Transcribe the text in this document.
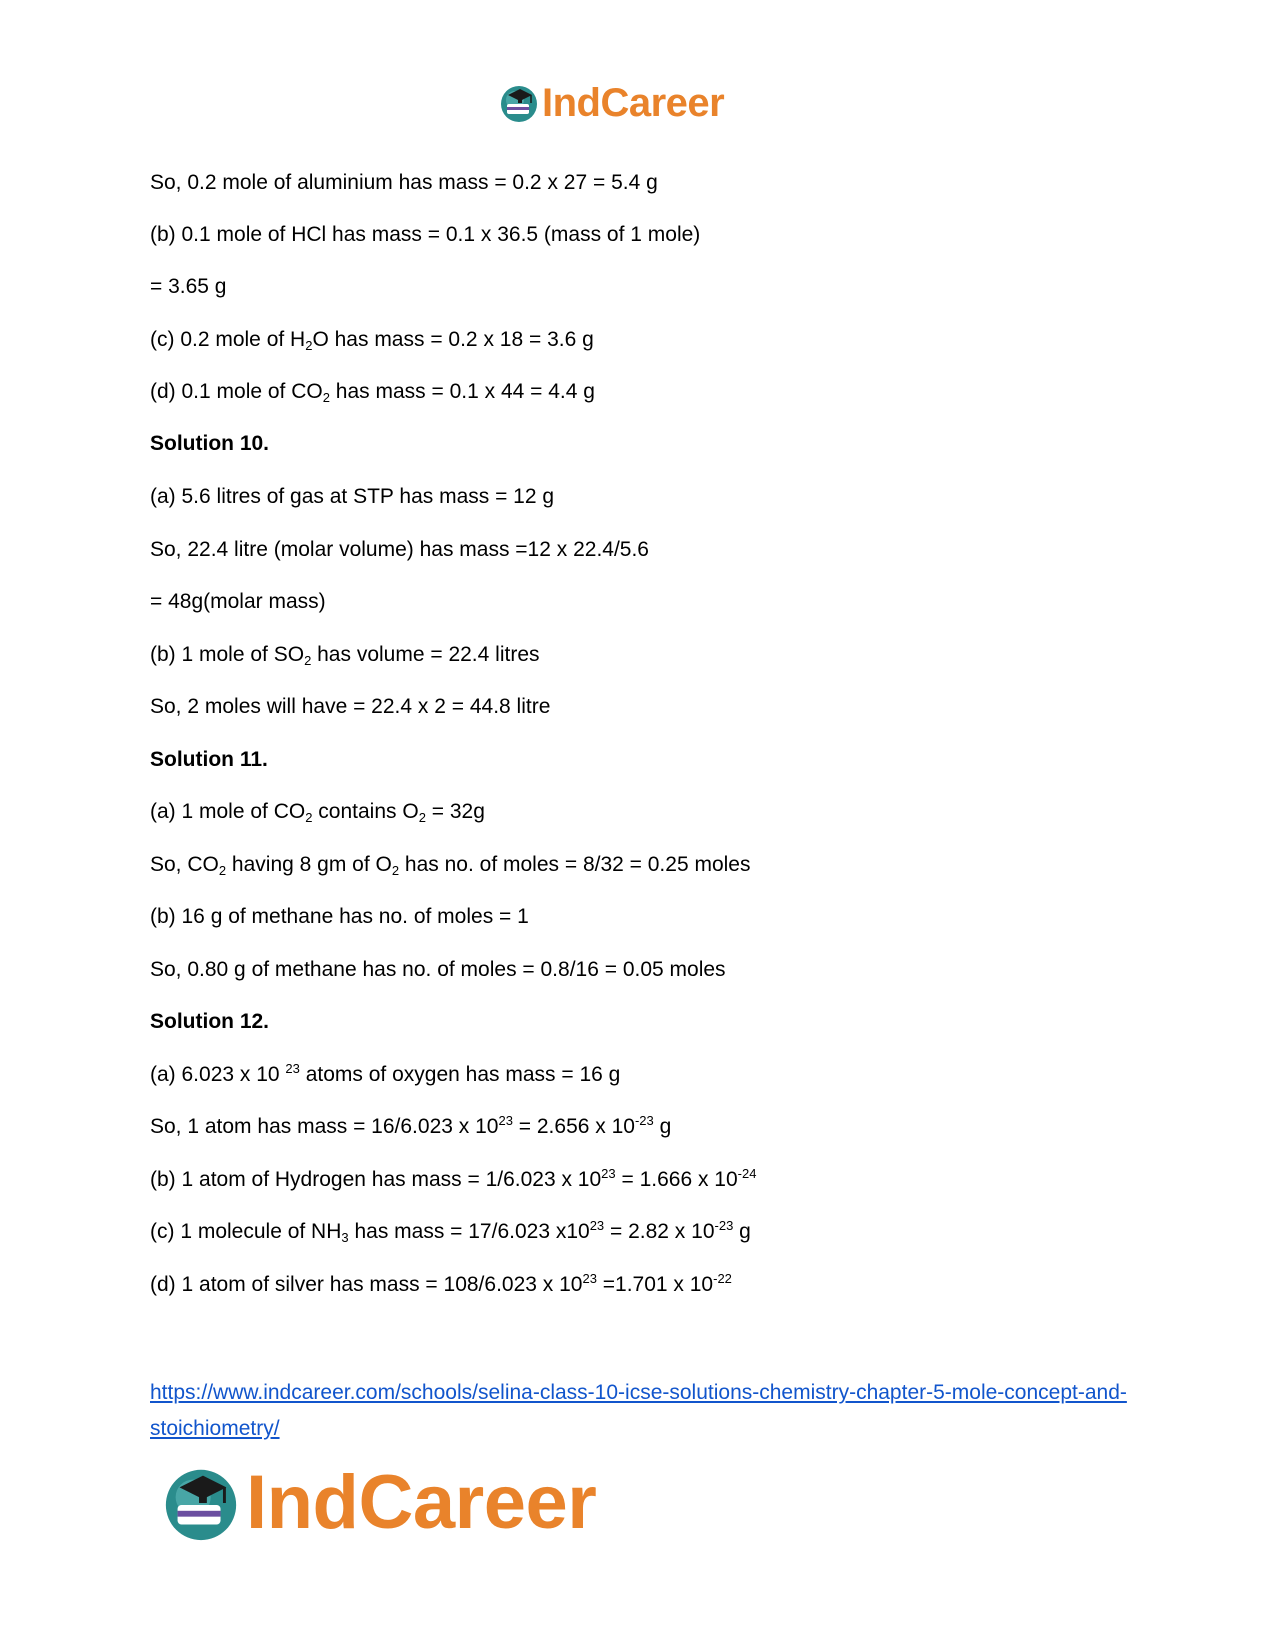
IndCareer
So, 0.2 mole of aluminium has mass = 0.2 x 27 = 5.4 g
(b) 0.1 mole of HCl has mass = 0.1 x 36.5 (mass of 1 mole)
= 3.65 g
(c) 0.2 mole of $H_2O$ has mass = 0.2 x 18 = 3.6 g
(d) 0.1 mole of $CO_2$ has mass = 0.1 x 44 = 4.4 g
Solution 10.
(a) 5.6 litres of gas at STP has mass = 12 g
So, 22.4 litre (molar volume) has mass =12 x 22.4/5.6
= 48g(molar mass)
(b) 1 mole of $SO_2$ has volume = 22.4 litres
So, 2 moles will have = 22.4 x 2 = 44.8 litre
Solution 11.
(a) 1 mole of $CO_2$ contains $O_2 = 32g$
So, $CO_2$ having 8 gm of $O_2$ has no. of moles = 8/32 = 0.25 moles
(b) 16 g of methane has no. of moles = 1
So, 0.80 g of methane has no. of moles = 0.8/16 = 0.05 moles
Solution 12.
(a) 6.023 x 10 $^{23}$ atoms of oxygen has mass = 16 g
So, 1 atom has mass = 16/6.023 x $10^{23} = 2.656$ x $10^{-23}$ g
(b) 1 atom of Hydrogen has mass = 1/6.023 x $10^{23} = 1.666$ x $10^{-24}$
(c) 1 molecule of $NH_3$ has mass = 17/6.023 $x10^{23} = 2.82$ x $10^{-23}$ g
(d) 1 atom of silver has mass = 108/6.023 x $10^{23} =1.701$ x $10^{-22}$
https://www.indcareer.com/schools/selina-class-10-icse-solutions-chemistry-chapter-5-mole-concept-and-stoichiometry/
IndCareer
